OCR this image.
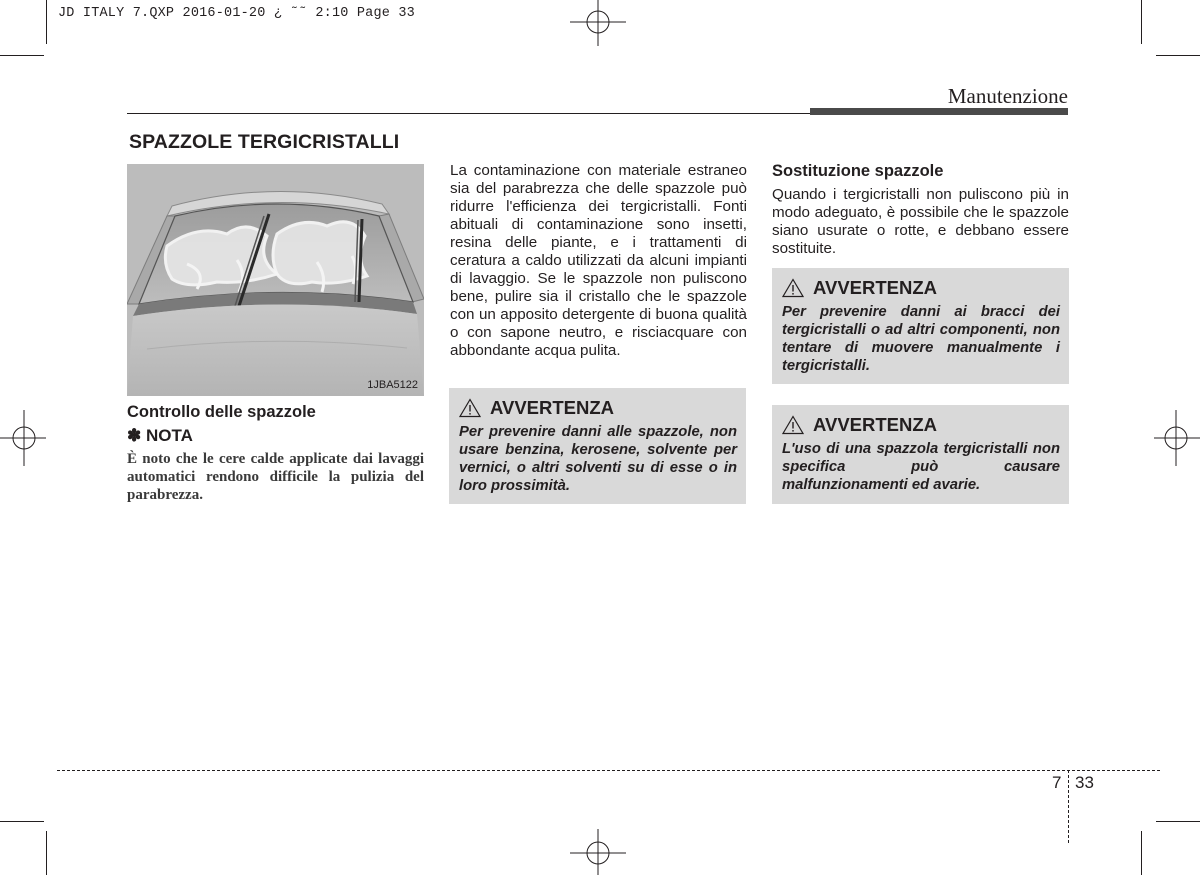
JD ITALY 7.QXP 2016-01-20 ¿ ˜˜ 2:10 Page 33
Manutenzione
SPAZZOLE TERGICRISTALLI
1JBA5122
Controllo delle spazzole
✽ NOTA
È noto che le cere calde applicate dai lavaggi automatici rendono difficile la pulizia del parabrezza.
La contaminazione con materiale estraneo sia del parabrezza che delle spazzole può ridurre l'efficienza dei tergicristalli. Fonti abituali di contaminazione sono insetti, resina delle piante, e i trattamenti di ceratura a caldo utilizzati da alcuni impianti di lavaggio. Se le spazzole non puliscono bene, pulire sia il cristallo che le spazzole con un apposito detergente di buona qualità o con sapone neutro, e risciacquare con abbondante acqua pulita.
AVVERTENZA
Per prevenire danni alle spazzole, non usare benzina, kerosene, solvente per vernici, o altri solventi su di esse o in loro prossimità.
Sostituzione spazzole
Quando i tergicristalli non puliscono più in modo adeguato, è possibile che le spazzole siano usurate o rotte, e debbano essere sostituite.
AVVERTENZA
Per prevenire danni ai bracci dei tergicristalli o ad altri componenti, non tentare di muovere manualmente i tergicristalli.
AVVERTENZA
L'uso di una spazzola tergicristalli non specifica può causare malfunzionamenti ed avarie.
7 33
